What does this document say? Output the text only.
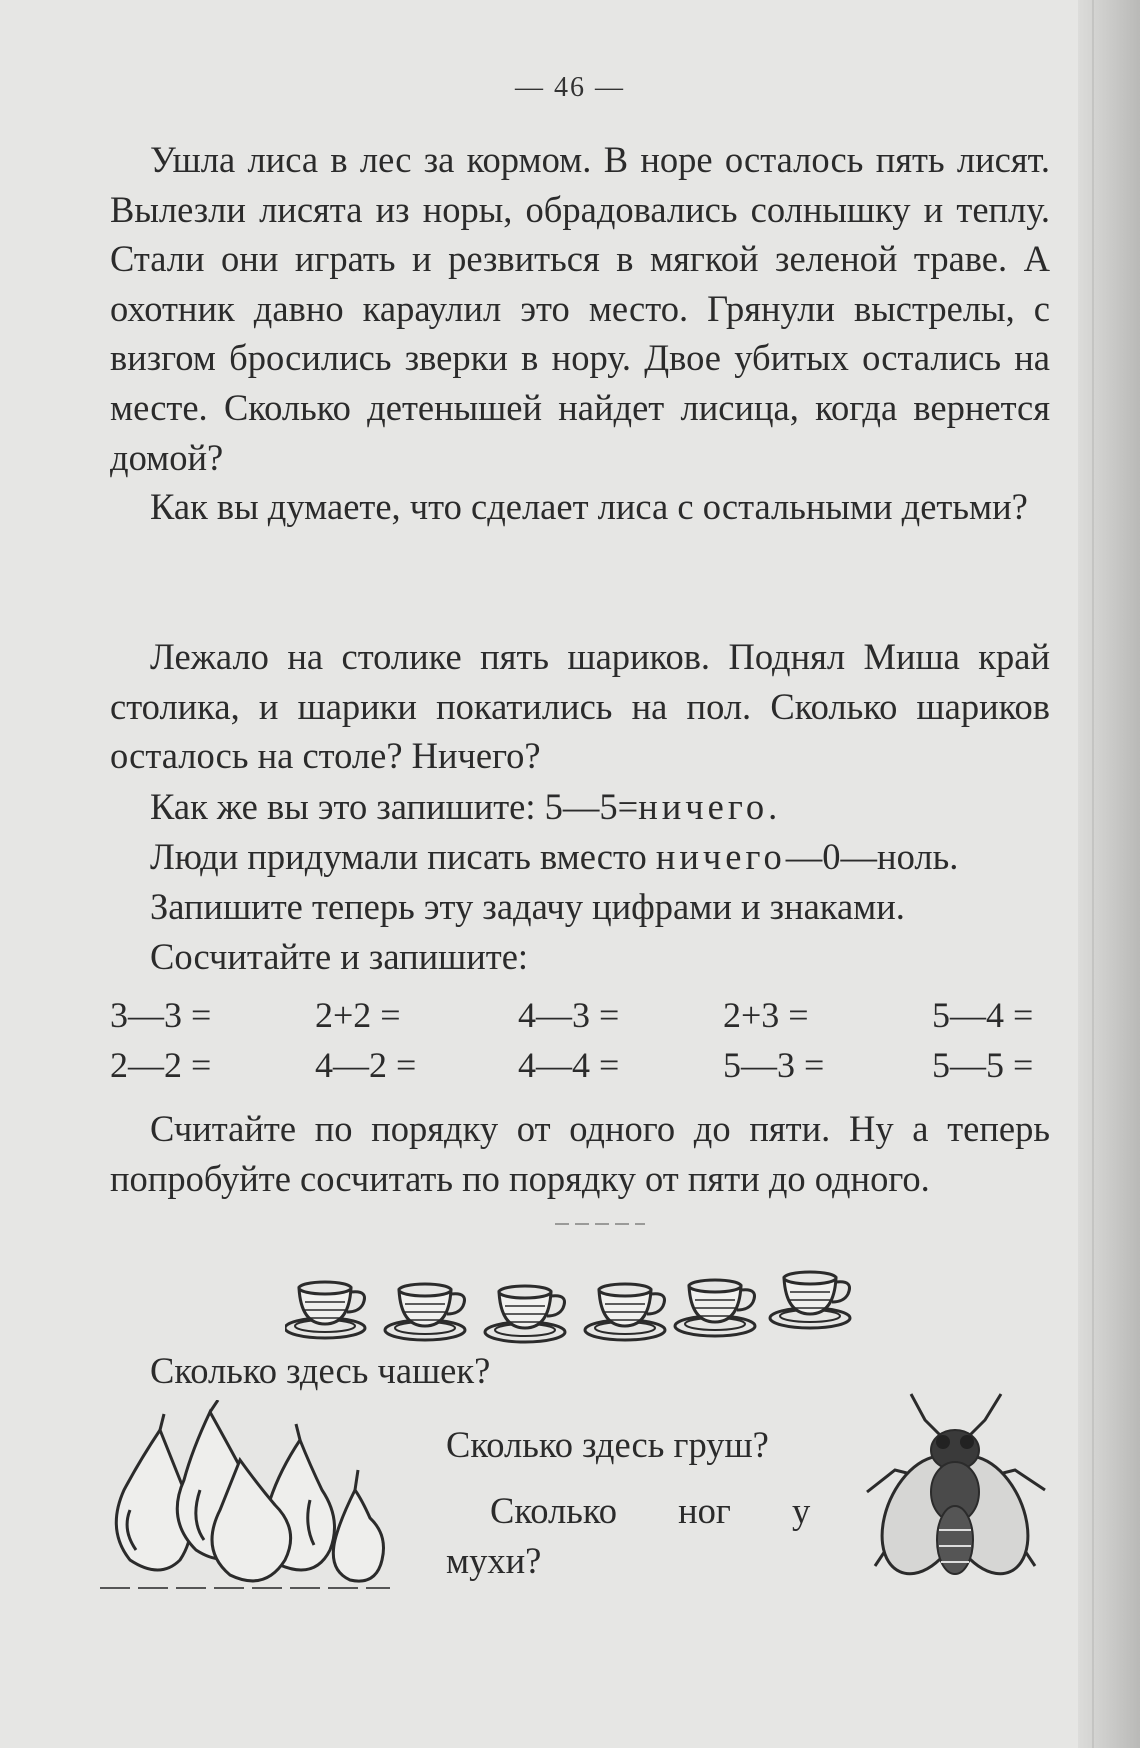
— 46 —

Ушла лиса в лес за кормом. В норе осталось пять лисят. Вылезли лисята из норы, обрадовались солнышку и теплу. Стали они играть и резвиться в мягкой зеленой траве. А охотник давно караулил это место. Грянули выстрелы, с визгом бросились зверки в нору. Двое убитых остались на месте. Сколько детенышей найдет лисица, когда вернется домой?

Как вы думаете, что сделает лиса с остальными детьми?

Лежало на столике пять шариков. Поднял Миша край столика, и шарики покатились на пол. Сколько шариков осталось на столе? Ничего?

Как же вы это запишите: 5—5=ничего.

Люди придумали писать вместо ничего—0—ноль.

Запишите теперь эту задачу цифрами и знаками.

Сосчитайте и запишите:

3—3 =	2+2 =	4—3 =	2+3 =	5—4 =
2—2 =	4—2 =	4—4 =	5—3 =	5—5 =

Считайте по порядку от одного до пяти. Ну а теперь попробуйте сосчитать по порядку от пяти до одного.

Сколько здесь чашек?
Сколько здесь груш?
Сколько ног у
мухи?
